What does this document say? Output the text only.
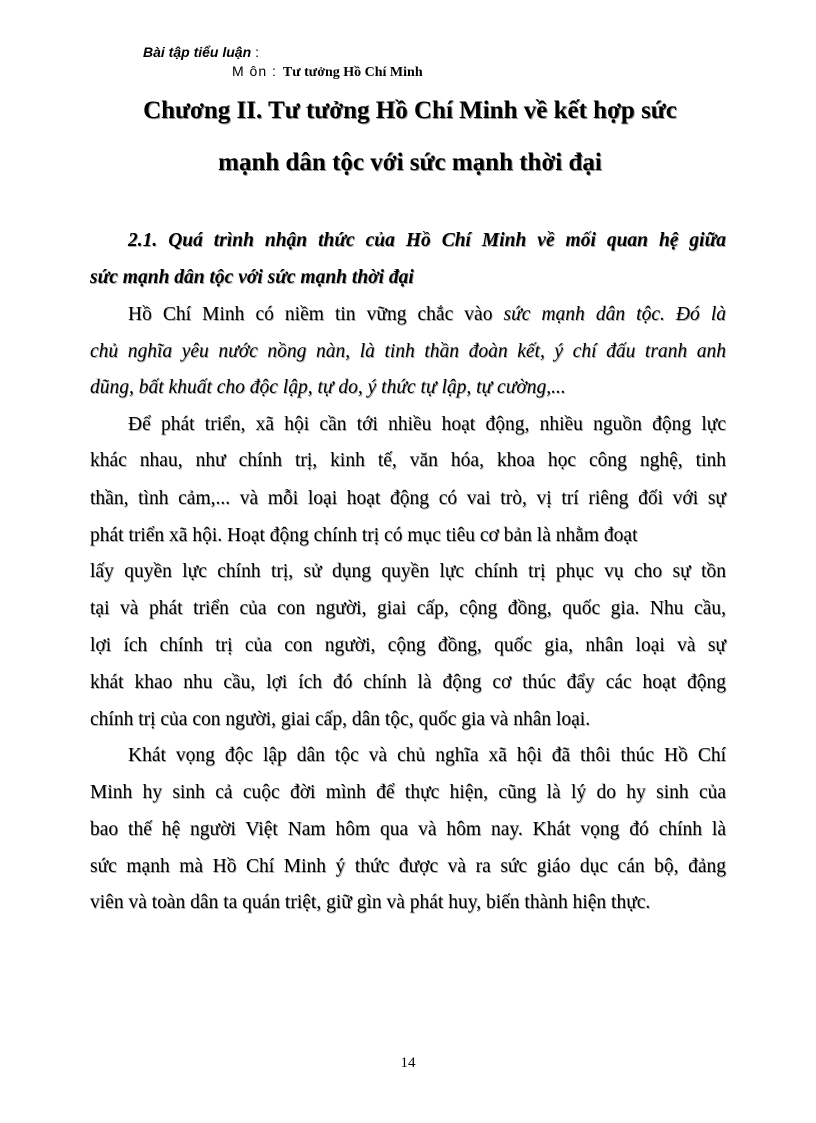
Bài tập tiểu luận :
M ôn : Tư tưởng Hồ Chí Minh
Chương II. Tư tưởng Hồ Chí Minh về kết hợp sức
mạnh dân tộc với sức mạnh thời đại
2.1. Quá trình nhận thức của Hồ Chí Minh về mối quan hệ giữa
sức mạnh dân tộc với sức mạnh thời đại
Hồ Chí Minh có niềm tin vững chắc vào sức mạnh dân tộc. Đó là
chủ nghĩa yêu nước nồng nàn, là tinh thần đoàn kết, ý chí đấu tranh anh
dũng, bất khuất cho độc lập, tự do, ý thức tự lập, tự cường,...
Để phát triển, xã hội cần tới nhiều hoạt động, nhiều nguồn động lực
khác nhau, như chính trị, kinh tế, văn hóa, khoa học công nghệ, tinh
thần, tình cảm,... và mỗi loại hoạt động có vai trò, vị trí riêng đối với sự
phát triển xã hội. Hoạt động chính trị có mục tiêu cơ bản là nhằm đoạt
lấy quyền lực chính trị, sử dụng quyền lực chính trị phục vụ cho sự tồn
tại và phát triển của con người, giai cấp, cộng đồng, quốc gia. Nhu cầu,
lợi ích chính trị của con người, cộng đồng, quốc gia, nhân loại và sự
khát khao nhu cầu, lợi ích đó chính là động cơ thúc đẩy các hoạt động
chính trị của con người, giai cấp, dân tộc, quốc gia và nhân loại.
Khát vọng độc lập dân tộc và chủ nghĩa xã hội đã thôi thúc Hồ Chí
Minh hy sinh cả cuộc đời mình để thực hiện, cũng là lý do hy sinh của
bao thế hệ người Việt Nam hôm qua và hôm nay. Khát vọng đó chính là
sức mạnh mà Hồ Chí Minh ý thức được và ra sức giáo dục cán bộ, đảng
viên và toàn dân ta quán triệt, giữ gìn và phát huy, biến thành hiện thực.
14
